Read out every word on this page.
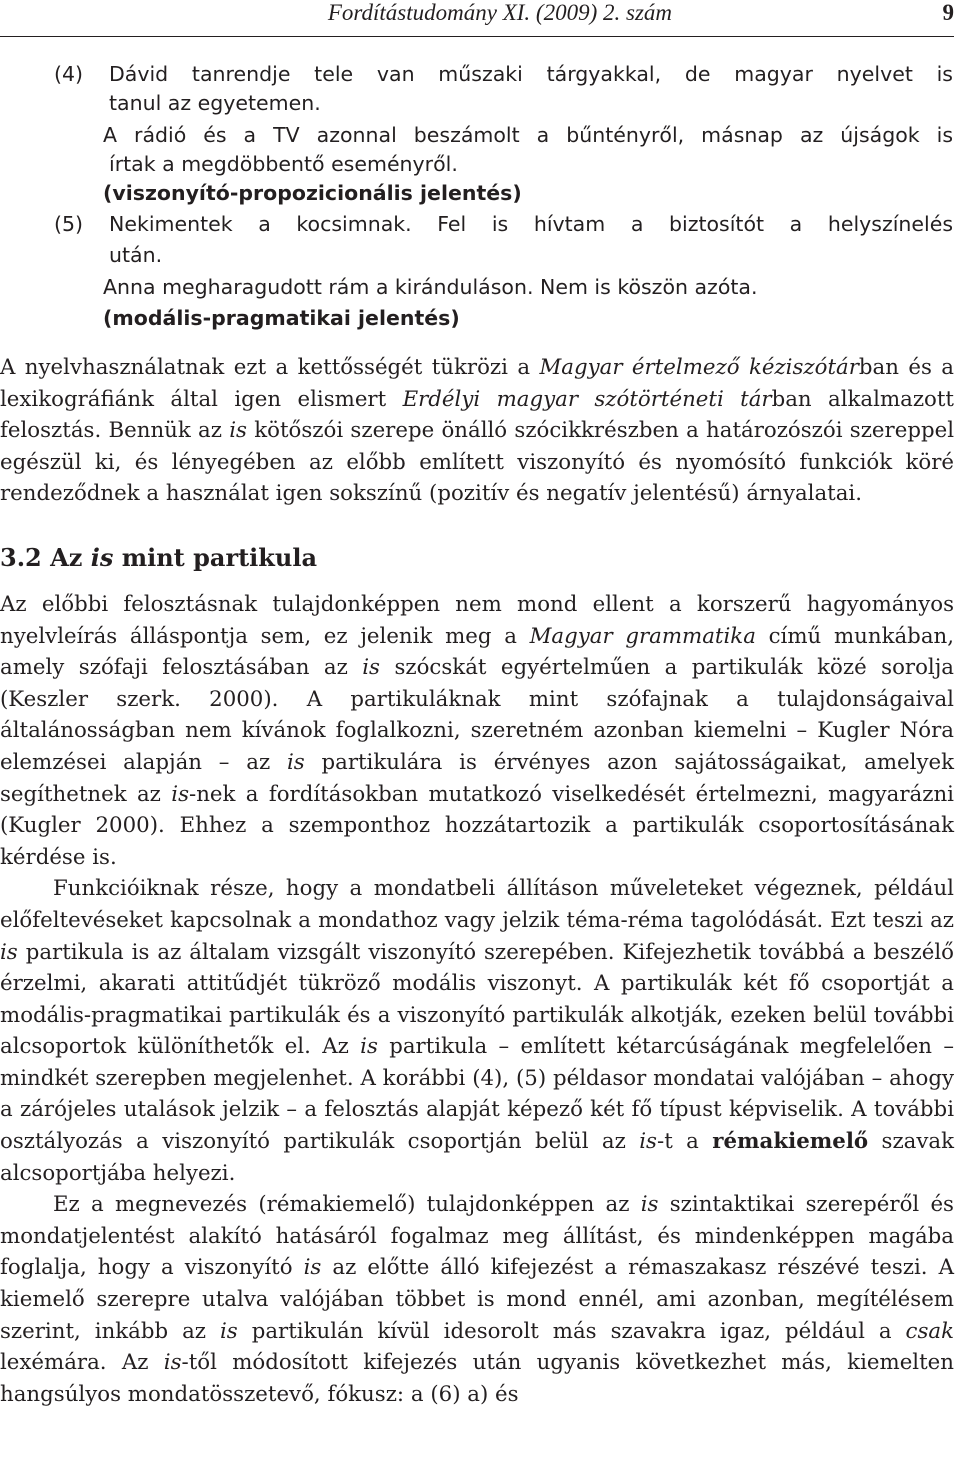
Fordítástudomány XI. (2009) 2. szám	9
(4) Dávid tanrendje tele van műszaki tárgyakkal, de magyar nyelvet is
tanul az egyetemen.
A rádió és a TV azonnal beszámolt a bűntényről, másnap az újságok is
írtak a megdöbbentő eseményről.
(viszonyító-propozicionális jelentés)
(5) Nekimentek a kocsimnak. Fel is hívtam a biztosítót a helyszínelés
után.
Anna megharagudott rám a kiránduláson. Nem is köszön azóta.
(modális-pragmatikai jelentés)

A nyelvhasználatnak ezt a kettősségét tükrözi a Magyar értelmező kéziszótárban és a lexikográfiánk által igen elismert Erdélyi magyar szótörténeti tárban alkalmazott felosztás. Bennük az is kötőszói szerepe önálló szócikkrészben a határozószói szereppel egészül ki, és lényegében az előbb említett viszonyító és nyomósító funkciók köré rendeződnek a használat igen sokszínű (pozitív és negatív jelentésű) árnyalatai.

3.2 Az is mint partikula

Az előbbi felosztásnak tulajdonképpen nem mond ellent a korszerű hagyományos nyelvleírás álláspontja sem, ez jelenik meg a Magyar grammatika című munkában, amely szófaji felosztásában az is szócskát egyértelműen a partikulák közé sorolja (Keszler szerk. 2000). A partikuláknak mint szófajnak a tulajdonságaival általánosságban nem kívánok foglalkozni, szeretném azonban kiemelni – Kugler Nóra elemzései alapján – az is partikulára is érvényes azon sajátosságaikat, amelyek segíthetnek az is-nek a fordításokban mutatkozó viselkedését értelmezni, magyarázni (Kugler 2000). Ehhez a szemponthoz hozzátartozik a partikulák csoportosításának kérdése is.

Funkcióiknak része, hogy a mondatbeli állításon műveleteket végeznek, például előfeltevéseket kapcsolnak a mondathoz vagy jelzik téma-réma tagolódását. Ezt teszi az is partikula is az általam vizsgált viszonyító szerepében. Kifejezhetik továbbá a beszélő érzelmi, akarati attitűdjét tükröző modális viszonyt. A partikulák két fő csoportját a modális-pragmatikai partikulák és a viszonyító partikulák alkotják, ezeken belül további alcsoportok különíthetők el. Az is partikula – említett kétarcúságának megfelelően – mindkét szerepben megjelenhet. A korábbi (4), (5) példasor mondatai valójában – ahogy a zárójeles utalások jelzik – a felosztás alapját képező két fő típust képviselik. A további osztályozás a viszonyító partikulák csoportján belül az is-t a rémakiemelő szavak alcsoportjába helyezi.

Ez a megnevezés (rémakiemelő) tulajdonképpen az is szintaktikai szerepéről és mondatjelentést alakító hatásáról fogalmaz meg állítást, és mindenképpen magába foglalja, hogy a viszonyító is az előtte álló kifejezést a rémaszakasz részévé teszi. A kiemelő szerepre utalva valójában többet is mond ennél, ami azonban, megítélésem szerint, inkább az is partikulán kívül idesorolt más szavakra igaz, például a csak lexémára. Az is-től módosított kifejezés után ugyanis következhet más, kiemelten hangsúlyos mondatösszetevő, fókusz: a (6) a) és
